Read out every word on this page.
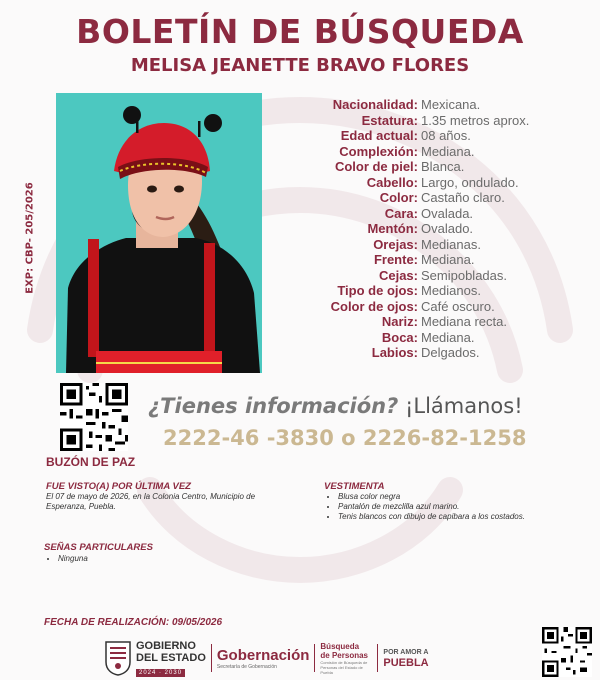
BOLETÍN DE BÚSQUEDA
MELISA JEANETTE BRAVO FLORES
EXP: CBP- 205/2026
Nacionalidad: Mexicana.
Estatura: 1.35 metros aprox.
Edad actual: 08 años.
Complexión: Mediana.
Color de piel: Blanca.
Cabello: Largo, ondulado.
Color: Castaño claro.
Cara: Ovalada.
Mentón: Ovalado.
Orejas: Medianas.
Frente: Mediana.
Cejas: Semipobladas.
Tipo de ojos: Medianos.
Color de ojos: Café oscuro.
Nariz: Mediana recta.
Boca: Mediana.
Labios: Delgados.
BUZÓN DE PAZ
¿Tienes información? ¡Llámanos!
2222-46 -3830 o 2226-82-1258
FUE VISTO(A) POR ÚLTIMA VEZ
El 07 de mayo de 2026, en la Colonia Centro, Municipio de Esperanza, Puebla.
VESTIMENTA
• Blusa color negra
• Pantalón de mezclilla azul marino.
• Tenis blancos con dibujo de capibara a los costados.
SEÑAS PARTICULARES
• Ninguna
FECHA DE REALIZACIÓN: 09/05/2026
GOBIERNO
DEL ESTADO
2024 · 2030
Gobernación
Secretaría de Gobernación
Búsqueda
de Personas
Comisión de Búsqueda de Personas del Estado de Puebla
POR AMOR A
PUEBLA
